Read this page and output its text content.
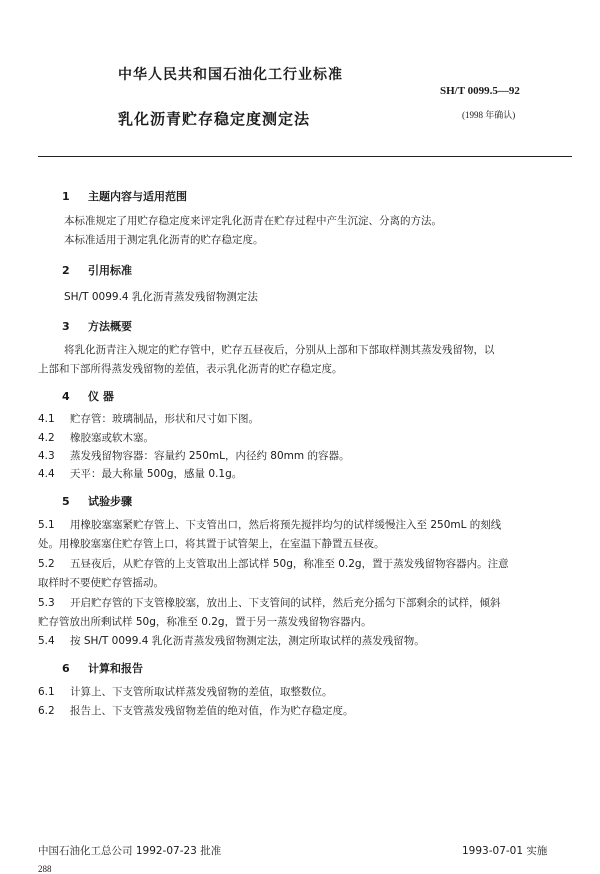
中华人民共和国石油化工行业标准
SH/T 0099.5—92
乳化沥青贮存稳定度测定法	(1998 年确认)
1 主题内容与适用范围
本标准规定了用贮存稳定度来评定乳化沥青在贮存过程中产生沉淀、分离的方法。
本标准适用于测定乳化沥青的贮存稳定度。
2 引用标准
SH/T 0099.4 乳化沥青蒸发残留物测定法
3 方法概要
将乳化沥青注入规定的贮存管中，贮存五昼夜后，分别从上部和下部取样测其蒸发残留物，以
上部和下部所得蒸发残留物的差值，表示乳化沥青的贮存稳定度。
4 仪 器
4.1 贮存管：玻璃制品，形状和尺寸如下图。
4.2 橡胶塞或软木塞。
4.3 蒸发残留物容器：容量约 250mL，内径约 80mm 的容器。
4.4 天平：最大称量 500g，感量 0.1g。
5 试验步骤
5.1 用橡胶塞塞紧贮存管上、下支管出口，然后将预先搅拌均匀的试样缓慢注入至 250mL 的刻线
处。用橡胶塞塞住贮存管上口，将其置于试管架上，在室温下静置五昼夜。
5.2 五昼夜后，从贮存管的上支管取出上部试样 50g，称准至 0.2g，置于蒸发残留物容器内。注意
取样时不要使贮存管摇动。
5.3 开启贮存管的下支管橡胶塞，放出上、下支管间的试样，然后充分摇匀下部剩余的试样，倾斜
贮存管放出所剩试样 50g，称准至 0.2g，置于另一蒸发残留物容器内。
5.4 按 SH/T 0099.4 乳化沥青蒸发残留物测定法，测定所取试样的蒸发残留物。
6 计算和报告
6.1 计算上、下支管所取试样蒸发残留物的差值，取整数位。
6.2 报告上、下支管蒸发残留物差值的绝对值，作为贮存稳定度。
中国石油化工总公司 1992-07-23 批准	1993-07-01 实施
288
